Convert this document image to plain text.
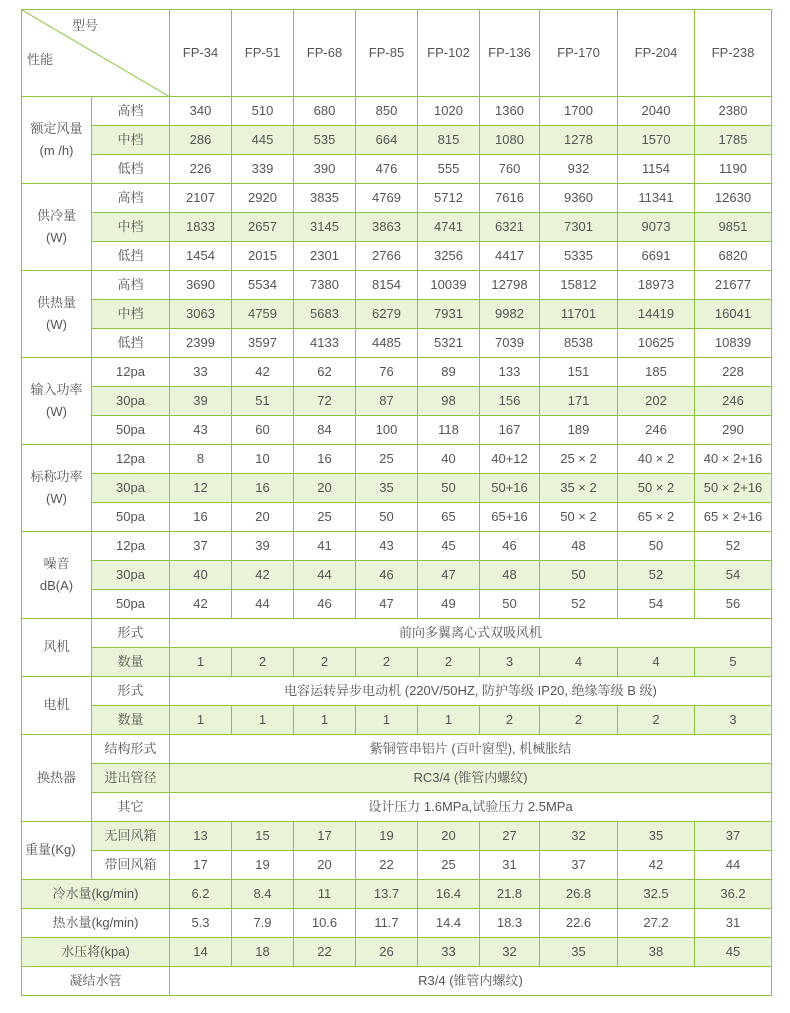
型号
性能		FP-34	FP-51	FP-68	FP-85	FP-102	FP-136	FP-170	FP-204	FP-238

额定风量
(m /h)	高档	340	510	680	850	1020	1360	1700	2040	2380
	中档	286	445	535	664	815	1080	1278	1570	1785
	低档	226	339	390	476	555	760	932	1154	1190

供冷量
(W)	高档	2107	2920	3835	4769	5712	7616	9360	11341	12630
	中档	1833	2657	3145	3863	4741	6321	7301	9073	9851
	低挡	1454	2015	2301	2766	3256	4417	5335	6691	6820

供热量
(W)	高档	3690	5534	7380	8154	10039	12798	15812	18973	21677
	中档	3063	4759	5683	6279	7931	9982	11701	14419	16041
	低挡	2399	3597	4133	4485	5321	7039	8538	10625	10839

输入功率
(W)	12pa	33	42	62	76	89	133	151	185	228
	30pa	39	51	72	87	98	156	171	202	246
	50pa	43	60	84	100	118	167	189	246	290

标称功率
(W)	12pa	8	10	16	25	40	40+12	25 × 2	40 × 2	40 × 2+16
	30pa	12	16	20	35	50	50+16	35 × 2	50 × 2	50 × 2+16
	50pa	16	20	25	50	65	65+16	50 × 2	65 × 2	65 × 2+16

噪音
dB(A)	12pa	37	39	41	43	45	46	48	50	52
	30pa	40	42	44	46	47	48	50	52	54
	50pa	42	44	46	47	49	50	52	54	56
风机	形式	前向多翼离心式双吸风机								
	数量	1	2	2	2	2	3	4	4	5
电机	形式	电容运转异步电动机 (220V/50HZ, 防护等级 IP20, 绝缘等级 B 级)								
	数量	1	1	1	1	1	2	2	2	3
换热器	结构形式	紫铜管串铝片 (百叶窗型), 机械胀结								
	进出管径	RC3/4 (锥管内螺纹)								
	其它	设计压力 1.6MPa,试验压力 2.5MPa								
重量(Kg)	无回风箱	13	15	17	19	20	27	32	35	37
	带回风箱	17	19	20	22	25	31	37	42	44
冷水量(kg/min)		6.2	8.4	11	13.7	16.4	21.8	26.8	32.5	36.2
热水量(kg/min)		5.3	7.9	10.6	11.7	14.4	18.3	22.6	27.2	31
水压将(kpa)		14	18	22	26	33	32	35	38	45
凝结水管		R3/4 (锥管内螺纹)								
